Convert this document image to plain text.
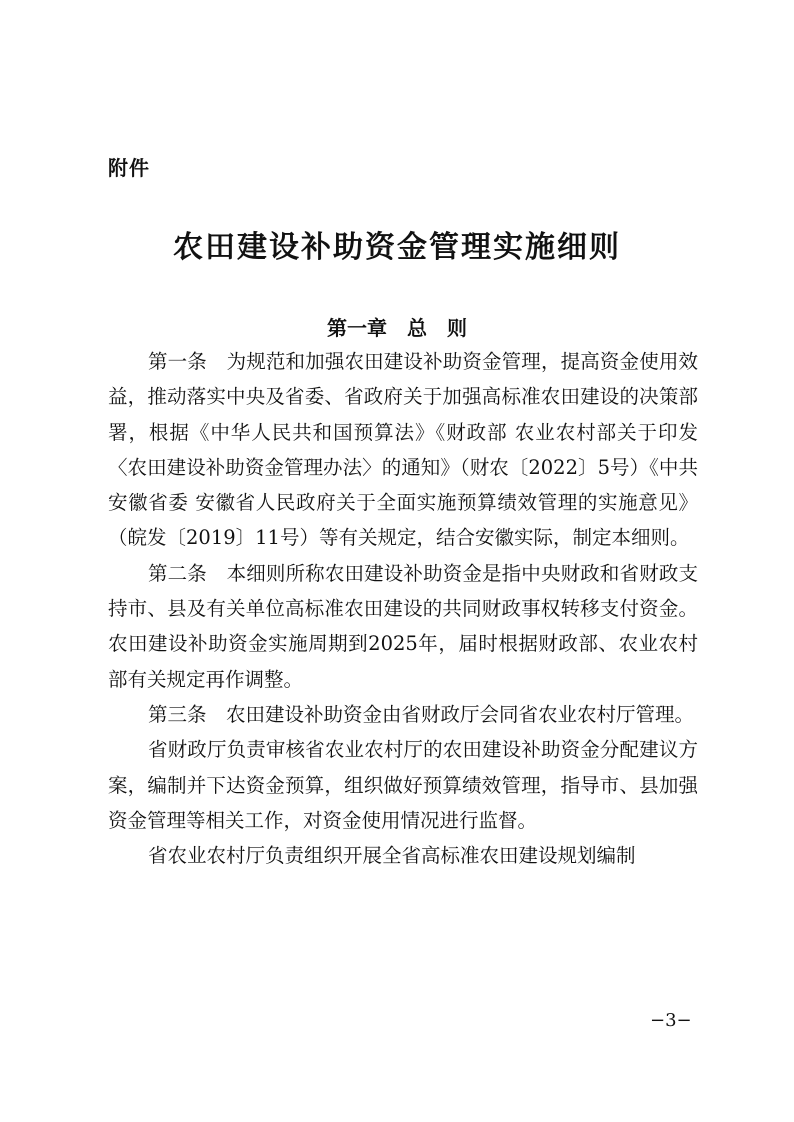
附件
农田建设补助资金管理实施细则
第一章　总　则

第一条　为规范和加强农田建设补助资金管理，提高资金使用效益，推动落实中央及省委、省政府关于加强高标准农田建设的决策部署，根据《中华人民共和国预算法》《财政部 农业农村部关于印发〈农田建设补助资金管理办法〉的通知》（财农〔2022〕5号）《中共安徽省委 安徽省人民政府关于全面实施预算绩效管理的实施意见》（皖发〔2019〕11号）等有关规定，结合安徽实际，制定本细则。

第二条　本细则所称农田建设补助资金是指中央财政和省财政支持市、县及有关单位高标准农田建设的共同财政事权转移支付资金。农田建设补助资金实施周期到2025年，届时根据财政部、农业农村部有关规定再作调整。

第三条　农田建设补助资金由省财政厅会同省农业农村厅管理。

省财政厅负责审核省农业农村厅的农田建设补助资金分配建议方案，编制并下达资金预算，组织做好预算绩效管理，指导市、县加强资金管理等相关工作，对资金使用情况进行监督。

省农业农村厅负责组织开展全省高标准农田建设规划编制

−3−
